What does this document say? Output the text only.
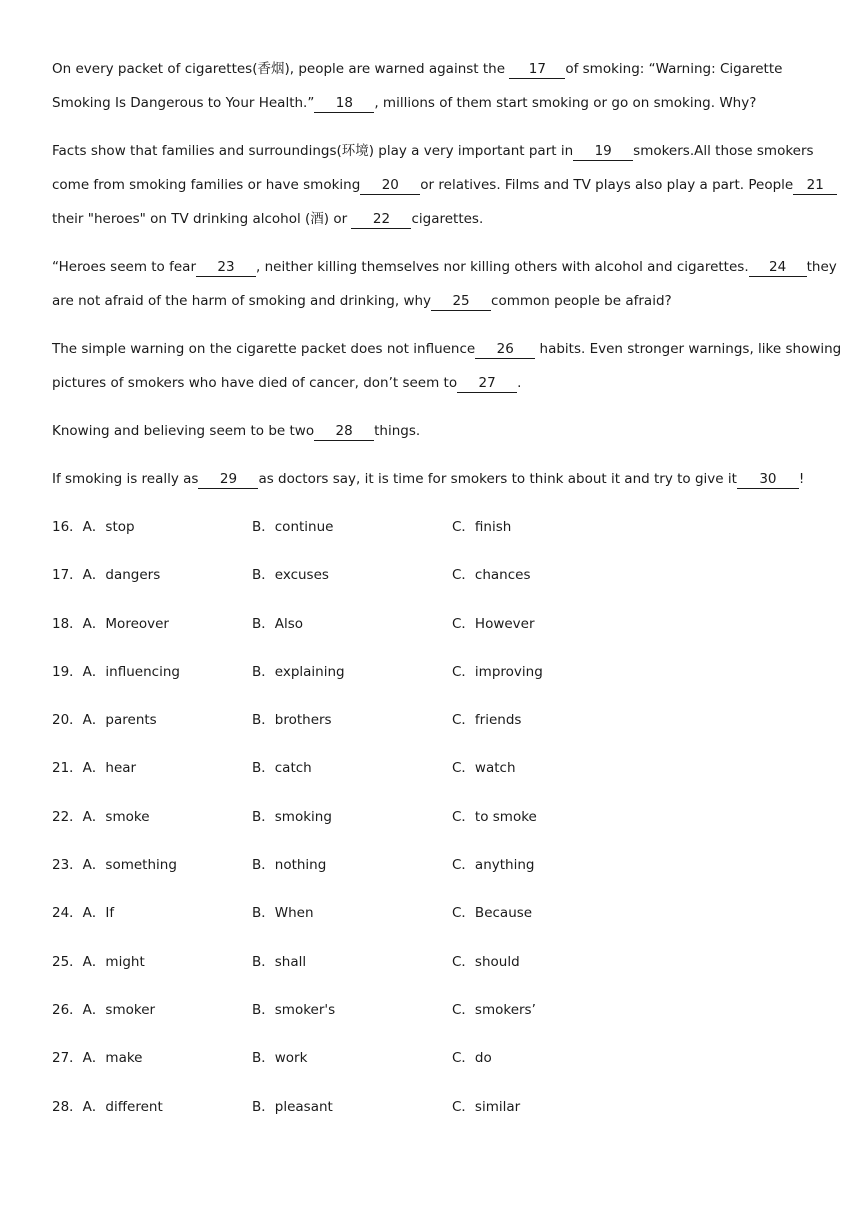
On every packet of cigarettes(香烟), people are warned against the 17 of smoking: “Warning: Cigarette
Smoking Is Dangerous to Your Health.” 18 , millions of them start smoking or go on smoking. Why?

Facts show that families and surroundings(环境) play a very important part in 19 smokers.All those smokers
come from smoking families or have smoking 20 or relatives. Films and TV plays also play a part. People 21
their "heroes" on TV drinking alcohol (酒) or 22 cigarettes.

“Heroes seem to fear 23 , neither killing themselves nor killing others with alcohol and cigarettes. 24 they
are not afraid of the harm of smoking and drinking, why 25 common people be afraid?

The simple warning on the cigarette packet does not influence 26 habits. Even stronger warnings, like showing
pictures of smokers who have died of cancer, don’t seem to 27 .

Knowing and believing seem to be two 28 things.

If smoking is really as 29 as doctors say, it is time for smokers to think about it and try to give it 30 !

16．A．stop	B．continue	C．finish
17．A．dangers	B．excuses	C．chances
18．A．Moreover	B．Also	C．However
19．A．influencing	B．explaining	C．improving
20．A．parents	B．brothers	C．friends
21．A．hear	B．catch	C．watch
22．A．smoke	B．smoking	C．to smoke
23．A．something	B．nothing	C．anything
24．A．If	B．When	C．Because
25．A．might	B．shall	C．should
26．A．smoker	B．smoker's	C．smokers’
27．A．make	B．work	C．do
28．A．different	B．pleasant	C．similar
